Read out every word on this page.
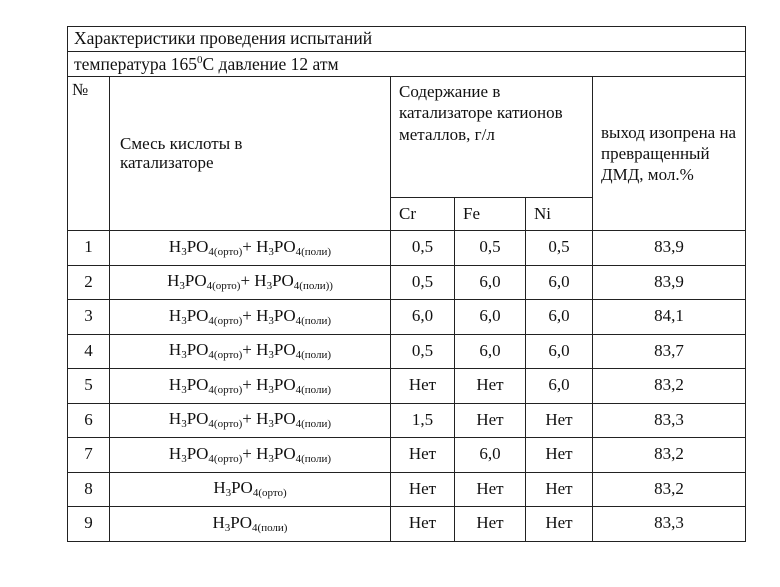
Характеристики проведения испытаний					
температура $165^0С$ давление 12 атм					
№	Смесь кислоты в катализаторе	Содержание в катализаторе катионов металлов, г/л			выход изопрена на превращенный ДМД, мол.%

		Cr	Fe	Ni	
1	$H_3PO_{4(орто)}+ H_3PO_{4(поли)}$	0,5	0,5	0,5	83,9
2	$H_3PO_{4(орто)}+ H_3PO_{4(поли))}$	0,5	6,0	6,0	83,9
3	$H_3PO_{4(орто)}+ H_3PO_{4(поли)}$	6,0	6,0	6,0	84,1
4	$H_3PO_{4(орто)}+ H_3PO_{4(поли)}$	0,5	6,0	6,0	83,7
5	$H_3PO_{4(орто)}+ H_3PO_{4(поли)}$	Нет	Нет	6,0	83,2
6	$H_3PO_{4(орто)}+ H_3PO_{4(поли)}$	1,5	Нет	Нет	83,3
7	$H_3PO_{4(орто)}+ H_3PO_{4(поли)}$	Нет	6,0	Нет	83,2
8	$H_3PO_{4(орто)}$	Нет	Нет	Нет	83,2
9	$H_3PO_{4(поли)}$	Нет	Нет	Нет	83,3
